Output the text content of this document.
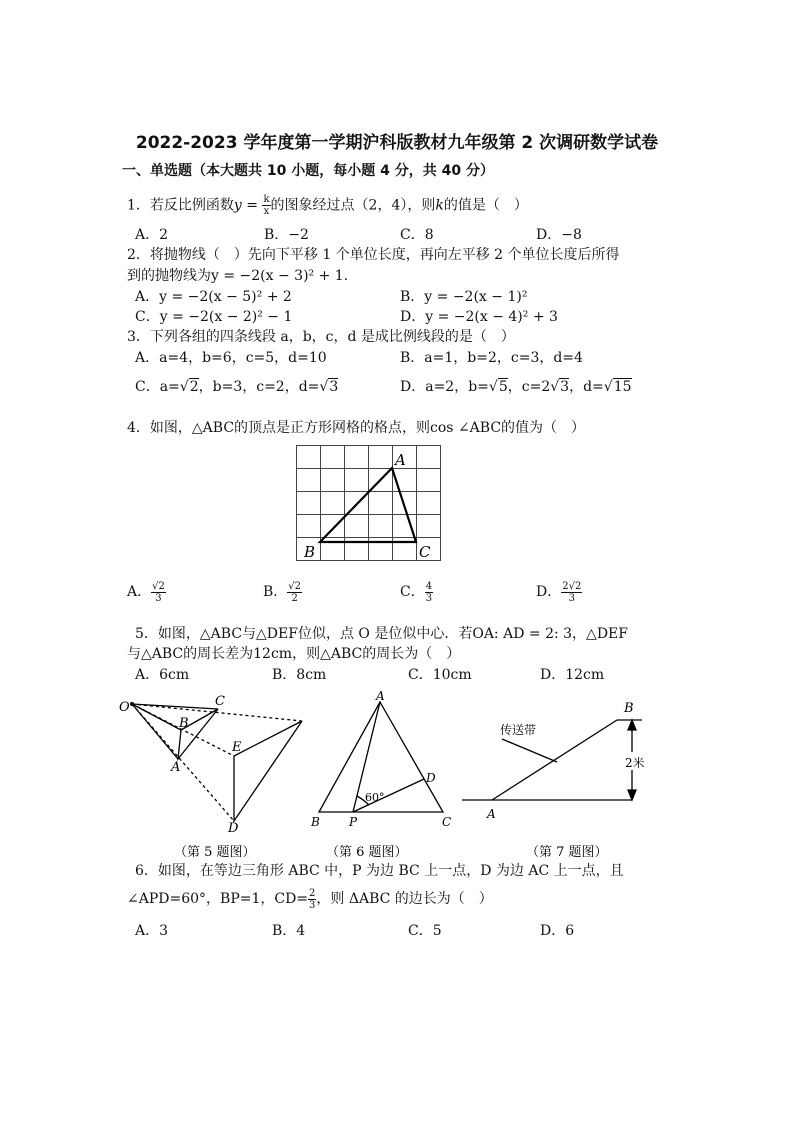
2022-2023 学年度第一学期沪科版教材九年级第 2 次调研数学试卷
一、单选题（本大题共 10 小题，每小题 4 分，共 40 分）
1．若反比例函数$y = \frac{k}{x}$ 的图象经过点（2，4），则k的值是（　）
A．2	B．−2	C．8	D．−8
2．将抛物线（　）先向下平移 1 个单位长度，再向左平移 2 个单位长度后所得
到的抛物线为y = −2(x − 3)² + 1.
A．y = −2(x − 5)² + 2	B．y = −2(x − 1)²
C．y = −2(x − 2)² − 1	D．y = −2(x − 4)² + 3
3．下列各组的四条线段 a，b，c，d 是成比例线段的是（　）
A．a=4，b=6，c=5，d=10	B．a=1，b=2，c=3，d=4
C．a=√2，b=3，c=2，d=√3	D．a=2，b=√5，c=2√3，d=√15
4．如图，△ABC的顶点是正方形网格的格点，则cos ∠ABC的值为（　）
A
B	C
A． $\frac{√2}{3}$	B． $\frac{√2}{2}$	C． $\frac{4}{3}$	D． $\frac{2√2}{3}$
5．如图，△ABC与△DEF位似，点 O 是位似中心．若OA: AD = 2: 3，△DEF
与△ABC的周长差为12cm，则△ABC的周长为（　）
A．6cm	B．8cm	C．10cm	D．12cm
O
B
C
A
E
D
（第 5 题图）
A
B P	C
D
60°
（第 6 题图）
A
B
传送带
2米
（第 7 题图）
6．如图，在等边三角形 ABC 中，P 为边 BC 上一点，D 为边 AC 上一点，且
∠APD=60°，BP=1，$CD= \frac{2}{3}$ ，则 ΔABC 的边长为（　）
A．3	B．4	C．5	D．6
